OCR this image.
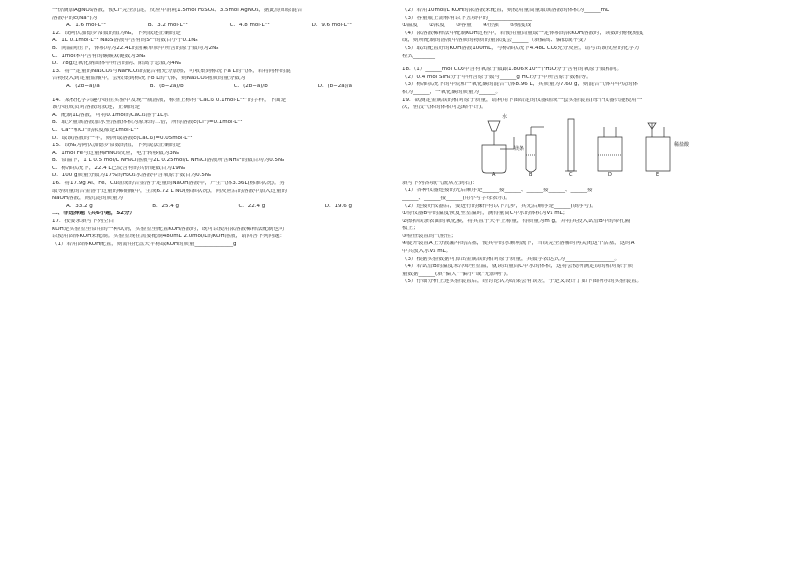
一份滴加AgNO₃溶液，使Cl⁻完全沉淀，反应中消耗1.5mol H₂SO₄、3.5mol AgNO₃，据此得知原混合
溶液中的c(Na⁺)为
A．1.6 mol·L⁻¹	B．3.2 mol·L⁻¹	C．4.8 mol·L⁻¹	D．9.6 mol·L⁻¹
12．设阿伏加德罗常数的值为Nₐ，下列叙述正确的是
A．1L 0.1mol·L⁻¹ Na₂S溶液中含有的S²⁻的数目小于0.1Nₐ
B．同温同压下，体积均为22.4L的卤素单质中所含的原子数均为2Nₐ
C．1mol苯中含有的碳碳双键数为3Nₐ
D．78g过氧化钠固体中所含的阴、阳离子总数为4Nₐ
13．将一定量的Na₂CO₃与NaHCO₃的混合物充分加热，可收集到标况下a L的气体，若将同样的混
合物投入到足量盐酸中，会收集到标况下b L的气体，则Na₂CO₃物质的量分数为
A．(2b−a)/a	B．(b−2a)/b	C．(2b−a)/b	D．(b−2a)/a
14．某校化学兴趣小组在实验中发现一瓶溶液，标签上标有“CaCl₂ 0.1mol·L⁻¹”的字样，下面是
该小组成员对溶液的叙述，正确的是
A．配制1L溶液，可将0.1mol的CaCl₂溶于1L水
B．取少量该溶液加水至溶液体积为原来的二倍，所得溶液c(Cl⁻)=0.1mol·L⁻¹
C．Ca²⁺和Cl⁻的浓度都是1mol·L⁻¹
D．取该溶液的一半，则所取溶液c(CaCl₂)=0.05mol·L⁻¹
15．设Nₐ为阿伏加德罗常数的值，下列说法正确的是
A．1mol Fe与过量稀HNO₃反应，电子转移数为3Nₐ
B．常温下，1 L 0.5 mol/L NH₄Cl溶液与2L 0.25mol/L NH₄Cl溶液所含NH₄⁺的数目均为0.5Nₐ
C．标准状况下，22.4 L己烷含有的共价键数目为19Nₐ
D．100 g质量分数为17%的H₂O₂水溶液中含氧原子数目为0.5Nₐ
16．将17.9g Al、Fe、Cu组成的合金溶于足量的NaOH溶液中，产生气体3.36L(标准状况)。另
取等质量的合金溶于过量的稀硝酸中，生成6.72 L NO(标准状况)，向反应后的溶液中加入过量的
NaOH溶液，则沉淀的质量为
A．33.2 g	B．25.4 g	C．22.4 g	D．19.6 g
二、非选择题（共6小题，52分）
17．按要求填写下列空白
KOH是实验室里常用的一种试剂，实验室里配置KOH溶液时，既可以使用浓溶液稀释法配制也可
以使用固体KOH来配制。实验室现在需要配制480mL 2.0mol/L的KOH溶液，请回答下列问题：
（1）若用固体KOH配置，则需用托盘天平称取KOH的质量______________g
（2）若用10mol/L KOH的浓溶液来配置，则使用量筒量取该溶液的体积为______mL
（3）容量瓶上需标有以下五项中的________________
①温度　　②浓度　　③容量　　④压强　　⑤刻度线
（4）浓溶液稀释法中配制KOH过程中，若使用量筒量取一定体积的浓KOH溶液时，读数时俯视刻度
线，则所配制的溶液中溶质的物质的量浓度会______（填偏高、偏低或不变）
（5）取出配置好的KOH溶液100mL，与标准状况下4.48L CO₂充分反应，请写出该反应的化学方
程式________
18.（1）______mol CO₂中含有氧原子数跟1.806×10²⁴个H₂O分子含有的氧原子数相同。
（2）0.4 mol SiH₄分子中所含原子数与______g HCl分子中所含原子数相等。
（3）标准状况下的甲烷和一氧化碳的混合气体8.96 L，其质量为7.60 g，则混合气体中甲烷的体
积为______，一氧化碳的质量为______。
19．欲测定金属镁的相对原子质量，请利用下图给定的仪器组成一套实验装置(每个仪器只能使用一
次，但没气体的体积可忽略不计)。
水
镁条
A	B	C	D	E
稀盐酸
填写下列各项(气流从左到右)：
（1）各种仪器连接的先后顺序是______接______、______接______、______接
______、______接______(用小写字母表示)。
（2）连接好仪器后，要进行的操作有以下几步，其先后顺序是______(填序号)。
①待仪器B中的温度恢复至室温时，测得量筒C中水的体积为V₁ mL；
②擦掉镁条表面的氧化膜，将其置于天平上称量，得质量为m g，并将其投入试管B中的带孔隔
板上；
③检查装置的气密性；
④旋开装置A上分液漏斗的活塞，使其中的水顺利流下，当镁完全溶解时再关闭这个活塞，这时A
中共放入水V₂ mL。
（3）根据实验数据可算出金属镁的相对原子质量，其数学表达式为__________________。
（4）若试管B的温度未冷却至室温，就读出量筒C中水的体积，这将会使所测定镁的相对原子质
量数据______(填“偏大”“偏小”或“无影响”)。
（5）仔细分析上述实验装置后，经讨论认为结果会有误差，于是又设计了如下图所示的实验装置。
